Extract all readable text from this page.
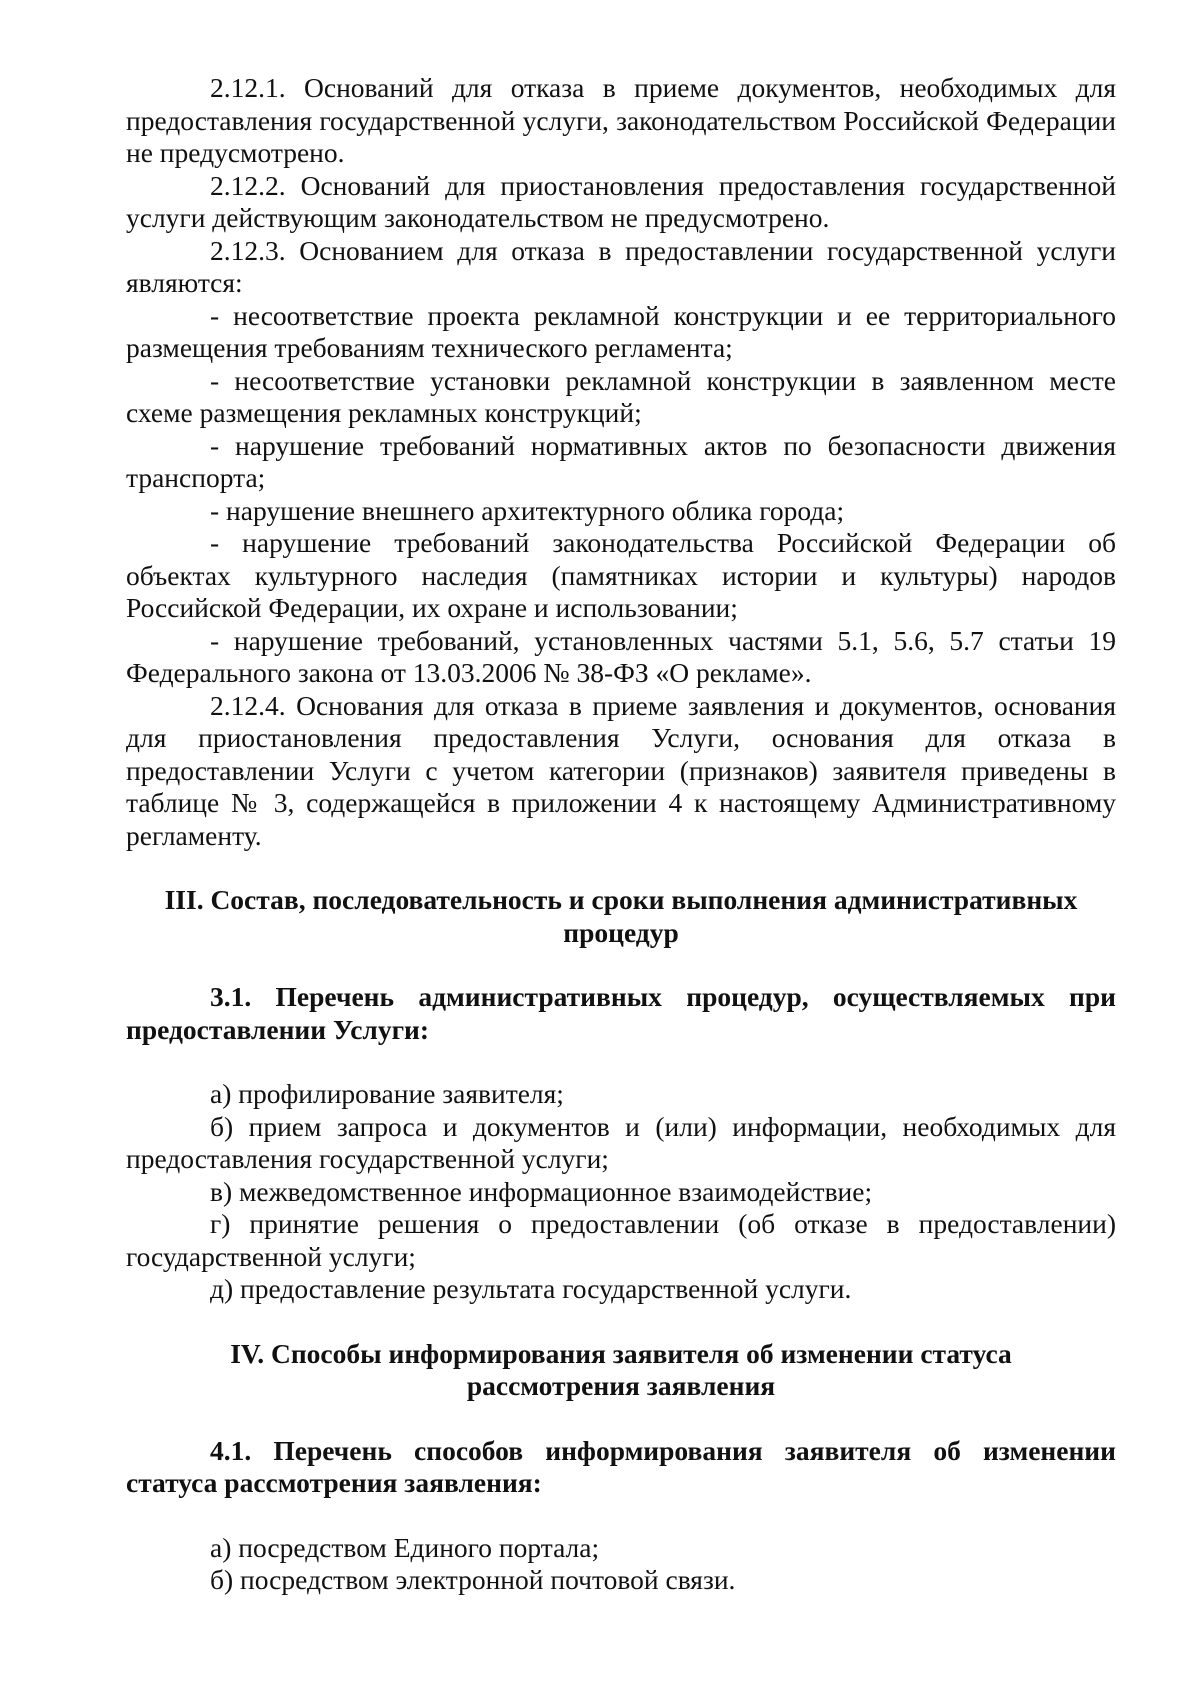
2.12.1. Оснований для отказа в приеме документов, необходимых для предоставления государственной услуги, законодательством Российской Федерации не предусмотрено.

2.12.2. Оснований для приостановления предоставления государственной услуги действующим законодательством не предусмотрено.

2.12.3. Основанием для отказа в предоставлении государственной услуги являются:

- несоответствие проекта рекламной конструкции и ее территориального размещения требованиям технического регламента;

- несоответствие установки рекламной конструкции в заявленном месте схеме размещения рекламных конструкций;

- нарушение требований нормативных актов по безопасности движения транспорта;

- нарушение внешнего архитектурного облика города;

- нарушение требований законодательства Российской Федерации об объектах культурного наследия (памятниках истории и культуры) народов Российской Федерации, их охране и использовании;

- нарушение требований, установленных частями 5.1, 5.6, 5.7 статьи 19 Федерального закона от 13.03.2006 № 38-ФЗ «О рекламе».

2.12.4. Основания для отказа в приеме заявления и документов, основания для приостановления предоставления Услуги, основания для отказа в предоставлении Услуги с учетом категории (признаков) заявителя приведены в таблице № 3, содержащейся в приложении 4 к настоящему Административному регламенту.

III. Состав, последовательность и сроки выполнения административных
процедур

3.1. Перечень административных процедур, осуществляемых при предоставлении Услуги:

а) профилирование заявителя;

б) прием запроса и документов и (или) информации, необходимых для предоставления государственной услуги;

в) межведомственное информационное взаимодействие;

г) принятие решения о предоставлении (об отказе в предоставлении) государственной услуги;

д) предоставление результата государственной услуги.

IV. Способы информирования заявителя об изменении статуса
рассмотрения заявления

4.1. Перечень способов информирования заявителя об изменении статуса рассмотрения заявления:

а) посредством Единого портала;

б) посредством электронной почтовой связи.
